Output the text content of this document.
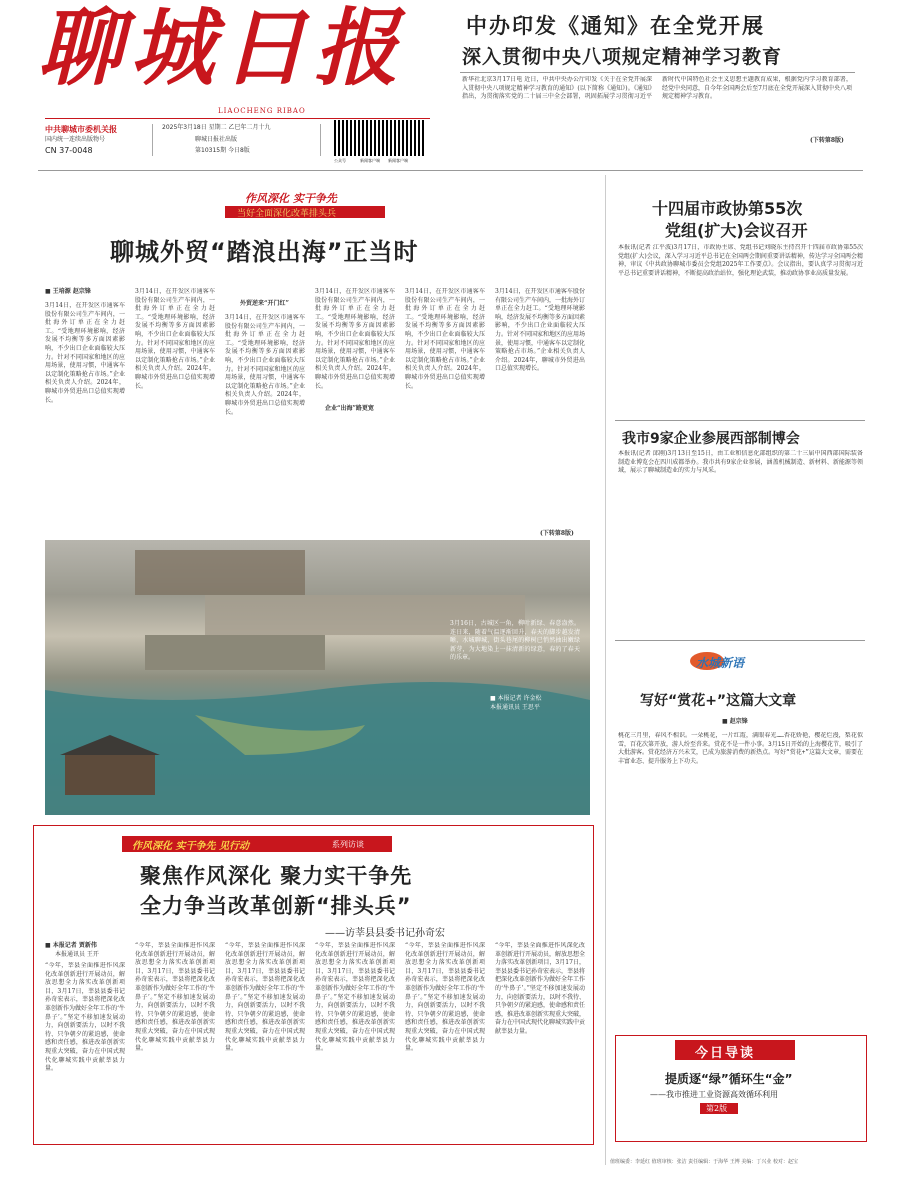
聊城日报
LIAOCHENG RIBAO
中共聊城市委机关报
国内统一连续出版物号
CN 37-0048
2025年3月18日 星期二 乙巳年二月十九
聊城日报社出版
第10315期 今日8版
公众号	新闻客户端 新闻客户端
中办印发《通知》在全党开展
深入贯彻中央八项规定精神学习教育
新华社北京3月17日电 近日，中共中央办公厅印发《关于在全党开展深入贯彻中央八项规定精神学习教育的通知》(以下简称《通知》)。《通知》指出，为贯彻落实党的二十届三中全会部署，巩固拓展学习贯彻习近平新时代中国特色社会主义思想主题教育成果，根据党内学习教育部署，经党中央同意，自今年全国两会后至7月底在全党开展深入贯彻中央八项规定精神学习教育。
(下转第8版)
作风深化 实干争先
当好全面深化改革排头兵
聊城外贸“踏浪出海”正当时
■ 王培源 赵宗锋
3月14日，在开发区市通客车股份有限公司生产车间内，一批海外订单正在全力赶工。“受地理环境影响，经济发展不均衡等多方面因素影响，不少出口企业面临较大压力。针对不同国家和地区的应用场景，使用习惯，中通客车以定制化策略抢占市场。”企业相关负责人介绍。2024年，聊城市外贸进出口总值实现增长。
3月14日，在开发区市通客车股份有限公司生产车间内，一批海外订单正在全力赶工。“受地理环境影响，经济发展不均衡等多方面因素影响，不少出口企业面临较大压力。针对不同国家和地区的应用场景，使用习惯，中通客车以定制化策略抢占市场。”企业相关负责人介绍。2024年，聊城市外贸进出口总值实现增长。
外贸逆来“开门红”
3月14日，在开发区市通客车股份有限公司生产车间内，一批海外订单正在全力赶工。“受地理环境影响，经济发展不均衡等多方面因素影响，不少出口企业面临较大压力。针对不同国家和地区的应用场景，使用习惯，中通客车以定制化策略抢占市场。”企业相关负责人介绍。2024年，聊城市外贸进出口总值实现增长。
3月14日，在开发区市通客车股份有限公司生产车间内，一批海外订单正在全力赶工。“受地理环境影响，经济发展不均衡等多方面因素影响，不少出口企业面临较大压力。针对不同国家和地区的应用场景，使用习惯，中通客车以定制化策略抢占市场。”企业相关负责人介绍。2024年，聊城市外贸进出口总值实现增长。
企业“出海”路更宽
3月14日，在开发区市通客车股份有限公司生产车间内，一批海外订单正在全力赶工。“受地理环境影响，经济发展不均衡等多方面因素影响，不少出口企业面临较大压力。针对不同国家和地区的应用场景，使用习惯，中通客车以定制化策略抢占市场。”企业相关负责人介绍。2024年，聊城市外贸进出口总值实现增长。
3月14日，在开发区市通客车股份有限公司生产车间内，一批海外订单正在全力赶工。“受地理环境影响，经济发展不均衡等多方面因素影响，不少出口企业面临较大压力。针对不同国家和地区的应用场景，使用习惯，中通客车以定制化策略抢占市场。”企业相关负责人介绍。2024年，聊城市外贸进出口总值实现增长。
(下转第8版)
3月16日，古城区一角，柳叶新绿、春意盎然。连日来，随着气温逐渐回升，春天的脚步越发清晰，水城聊城，街头巷尾的柳树已悄然抽出嫩绿新芽，为大地染上一抹清新的绿意，春的了春天的乐章。
■ 本报记者 许金松
本报通讯员 王思平
作风深化 实干争先 见行动	系列访谈
聚焦作风深化 聚力实干争先
全力争当改革创新“排头兵”
——访莘县县委书记孙奇宏
■ 本报记者 贾新伟
本报通讯员 王开
“今年，莘县全面推进作风深化改革创新进行开展动员，解放思想全力落实改革创新项目，3月17日，莘县县委书记孙奇宏表示，莘县将把深化改革创新作为做好全年工作的‘牛鼻子’。”坚定不移加速发展动力，向创新要活力，以时不我待、只争朝夕的紧迫感，使命感和责任感，推进改革创新实现重大突破，奋力在中国式现代化聊城实践中贡献莘县力量。
“今年，莘县全面推进作风深化改革创新进行开展动员，解放思想全力落实改革创新项目，3月17日，莘县县委书记孙奇宏表示，莘县将把深化改革创新作为做好全年工作的‘牛鼻子’。”坚定不移加速发展动力，向创新要活力，以时不我待、只争朝夕的紧迫感，使命感和责任感，推进改革创新实现重大突破，奋力在中国式现代化聊城实践中贡献莘县力量。
“今年，莘县全面推进作风深化改革创新进行开展动员，解放思想全力落实改革创新项目，3月17日，莘县县委书记孙奇宏表示，莘县将把深化改革创新作为做好全年工作的‘牛鼻子’。”坚定不移加速发展动力，向创新要活力，以时不我待、只争朝夕的紧迫感，使命感和责任感，推进改革创新实现重大突破，奋力在中国式现代化聊城实践中贡献莘县力量。
“今年，莘县全面推进作风深化改革创新进行开展动员，解放思想全力落实改革创新项目，3月17日，莘县县委书记孙奇宏表示，莘县将把深化改革创新作为做好全年工作的‘牛鼻子’。”坚定不移加速发展动力，向创新要活力，以时不我待、只争朝夕的紧迫感，使命感和责任感，推进改革创新实现重大突破，奋力在中国式现代化聊城实践中贡献莘县力量。
“今年，莘县全面推进作风深化改革创新进行开展动员，解放思想全力落实改革创新项目，3月17日，莘县县委书记孙奇宏表示，莘县将把深化改革创新作为做好全年工作的‘牛鼻子’。”坚定不移加速发展动力，向创新要活力，以时不我待、只争朝夕的紧迫感，使命感和责任感，推进改革创新实现重大突破，奋力在中国式现代化聊城实践中贡献莘县力量。
“今年，莘县全面推进作风深化改革创新进行开展动员，解放思想全力落实改革创新项目，3月17日，莘县县委书记孙奇宏表示，莘县将把深化改革创新作为做好全年工作的‘牛鼻子’。”坚定不移加速发展动力，向创新要活力，以时不我待、只争朝夕的紧迫感，使命感和责任感，推进改革创新实现重大突破，奋力在中国式现代化聊城实践中贡献莘县力量。
十四届市政协第55次
党组(扩大)会议召开
本报讯(记者 江平波)3月17日，市政协主席、党组书记刘晓东主持召开十四届市政协第55次党组(扩大)会议，深入学习习近平总书记在全国两会期间重要讲话精神，传达学习全国两会精神，审议《中共政协聊城市委员会党组2025年工作要点》。会议指出，要认真学习贯彻习近平总书记重要讲话精神，不断提高政治站位，强化理论武装，推动政协事业高质量发展。
我市9家企业参展西部制博会
本报讯(记者 邱刚)3月13日至15日，由工业和信息化部组织的第二十三届中国西部国际装备制造业博览会在四川成都举办。我市共有9家企业参展，涵盖机械制造、新材料、新能源等领域，展示了聊城制造业的实力与风采。
水城新语
写好“赏花+”这篇大文章
■ 赵宗锋
桃花三月里，春风不相识。一朵桃花，一片红霞，满眼春光……杏花娇艳，樱花烂漫，梨花似雪，百花次第开放，游人纷至沓来。赏花不是一件小事。3月15日开始的上海樱花节，吸引了大批游客。赏花经济方兴未艾，已成为旅游消费的新热点。写好“赏花+”这篇大文章，需要在丰富业态、提升服务上下功夫。
今日导读
提质逐“绿”循环生“金”
——我市推进工业资源高效循环利用
第2版
值班编委：李延红 值班审核：张洁 责任编辑：于海华 王博 美编：丁兴业 校对：赵宝
